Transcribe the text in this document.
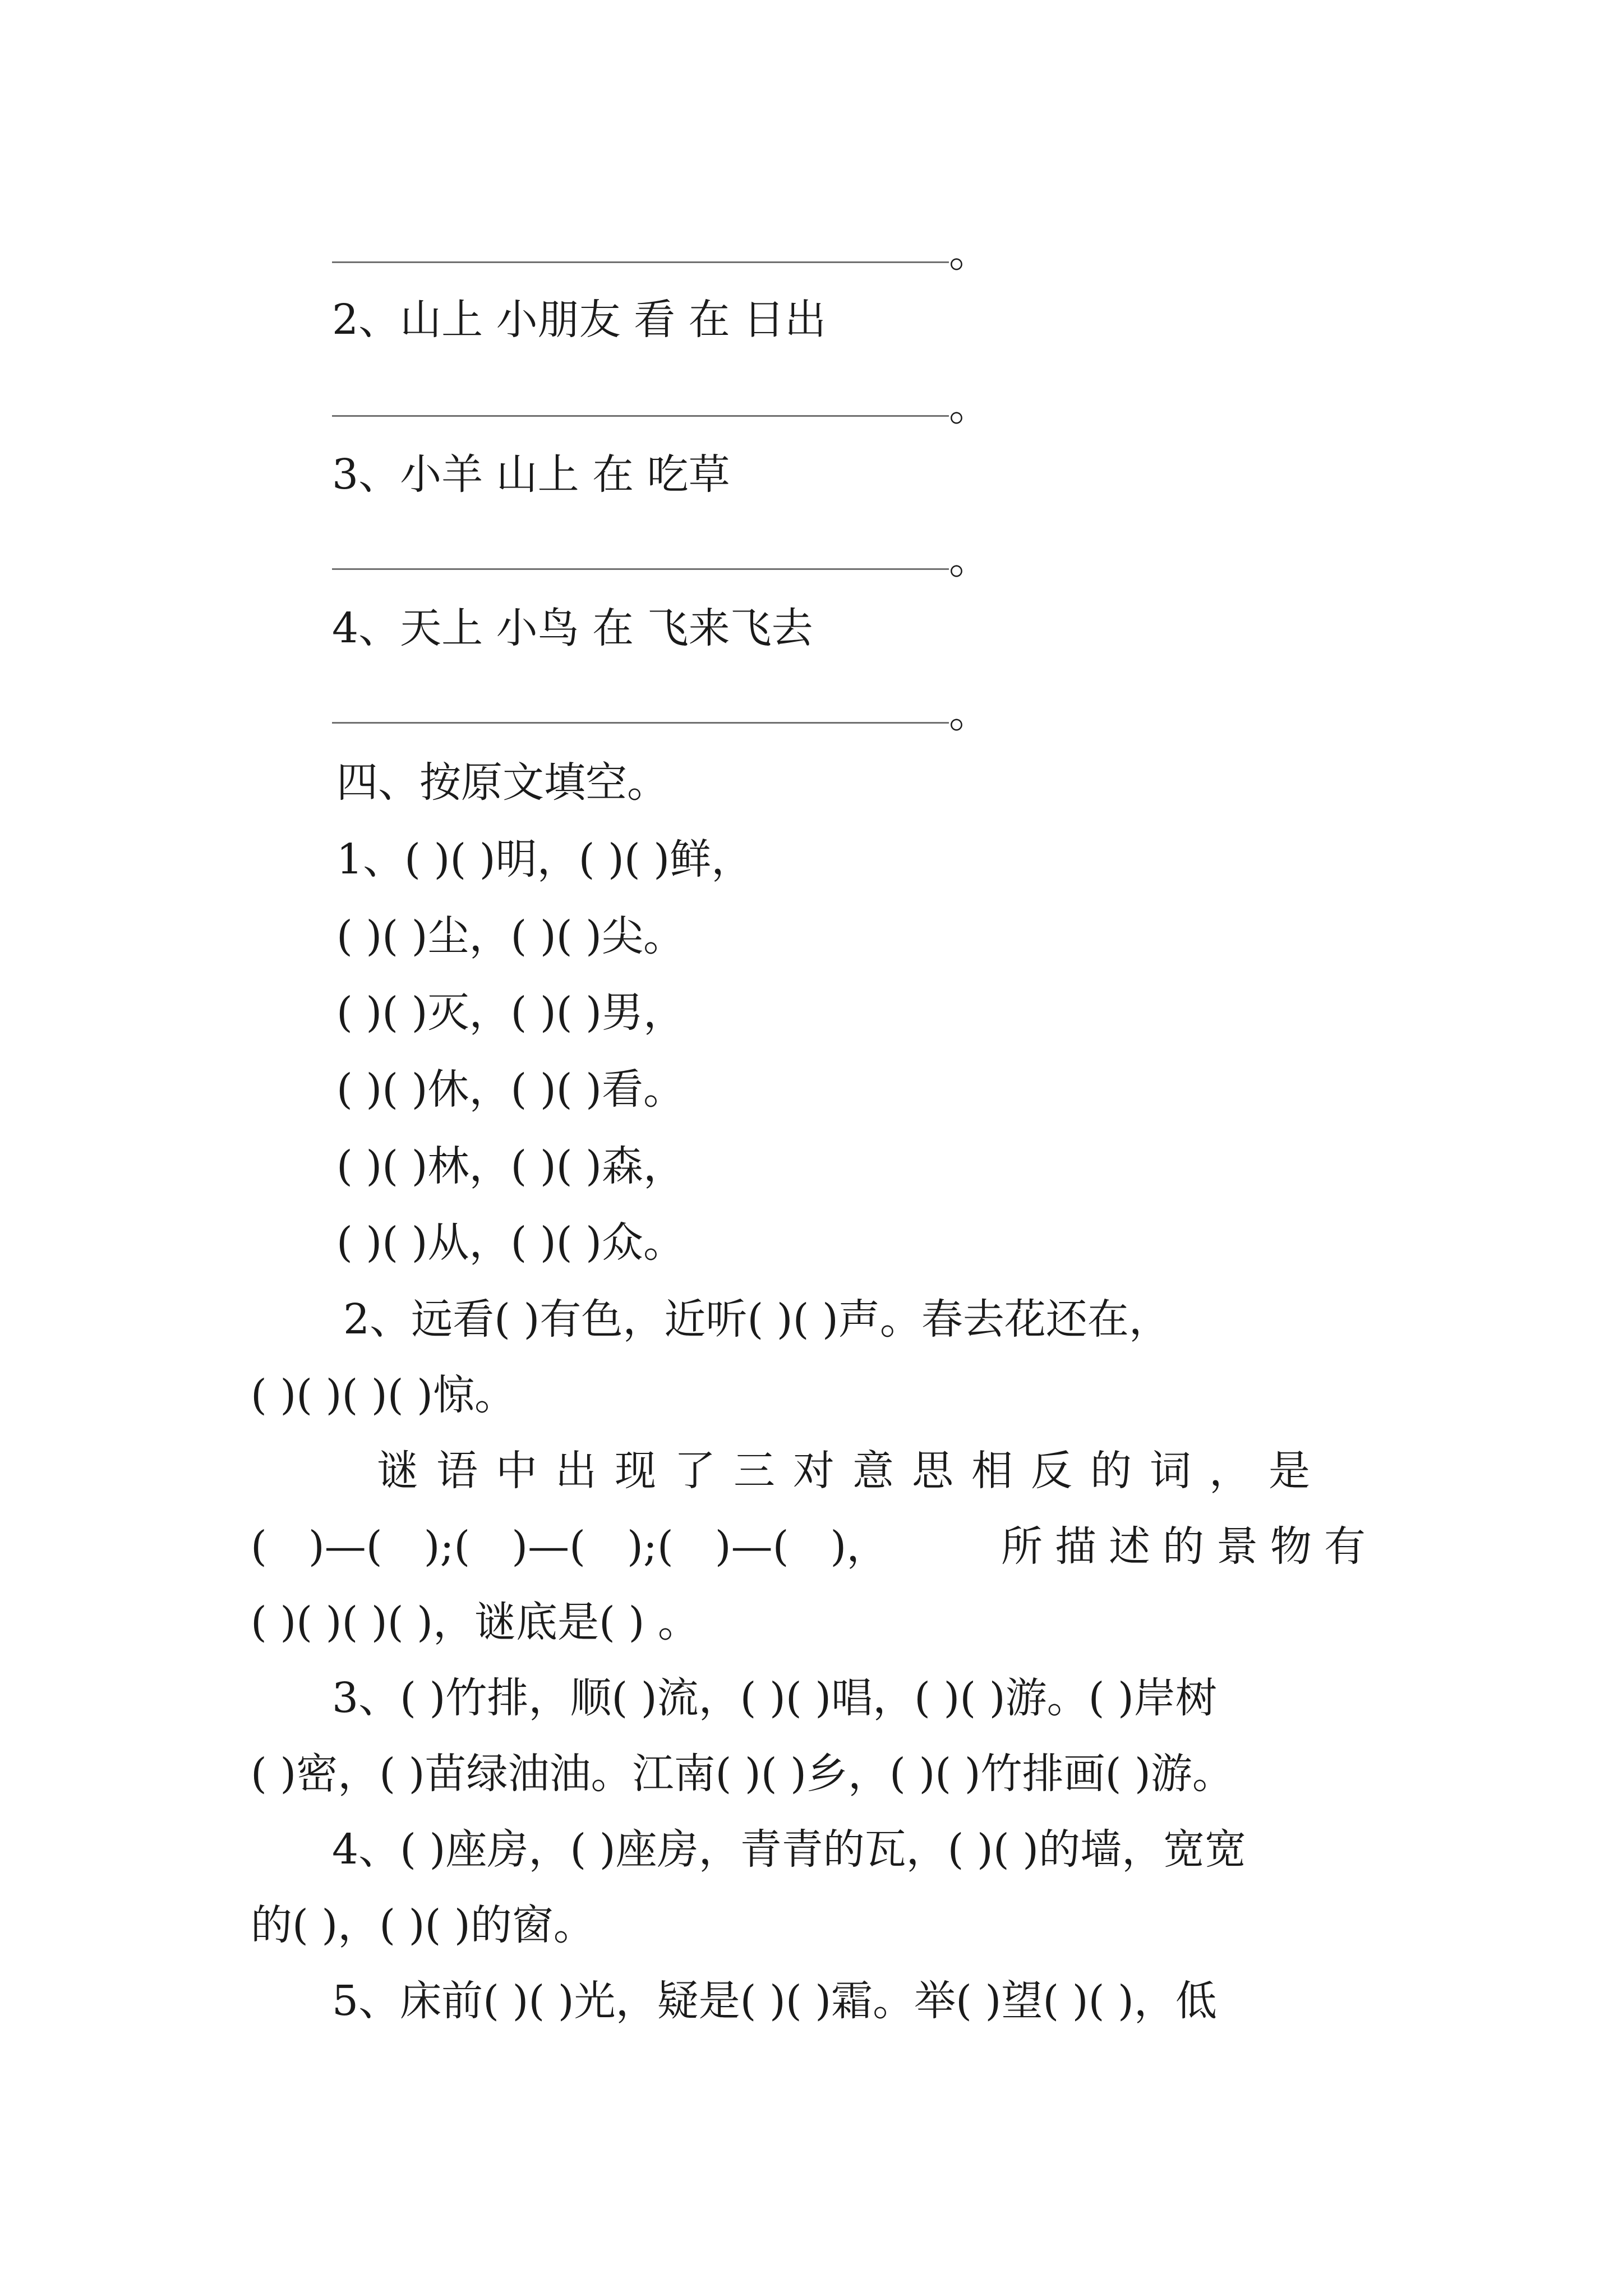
。
2、山上 小朋友 看 在 日出
。
3、小羊 山上 在 吃草
。
4、天上 小鸟 在 飞来飞去
。
四、按原文填空。
1、( )( )明，( )( )鲜，
( )( )尘，( )( )尖。
( )( )灭，( )( )男，
( )( )休，( )( )看。
( )( )林，( )( )森，
( )( )从，( )( )众。
2、远看( )有色，近听( )( )声。春去花还在，
( )( )( )( )惊。
谜语中出现了三对意思相反的词，是
(　)—(　);(　)—(　);(　)—(　)，	所描述的景物有
( )( )( )( )，谜底是( ) 。
3、( )竹排，顺( )流，( )( )唱，( )( )游。( )岸树
( )密，( )苗绿油油。江南( )( )乡，( )( )竹排画( )游。
4、( )座房，( )座房，青青的瓦，( )( )的墙，宽宽
的( )，( )( )的窗。
5、床前( )( )光，疑是( )( )霜。举( )望( )( )，低
